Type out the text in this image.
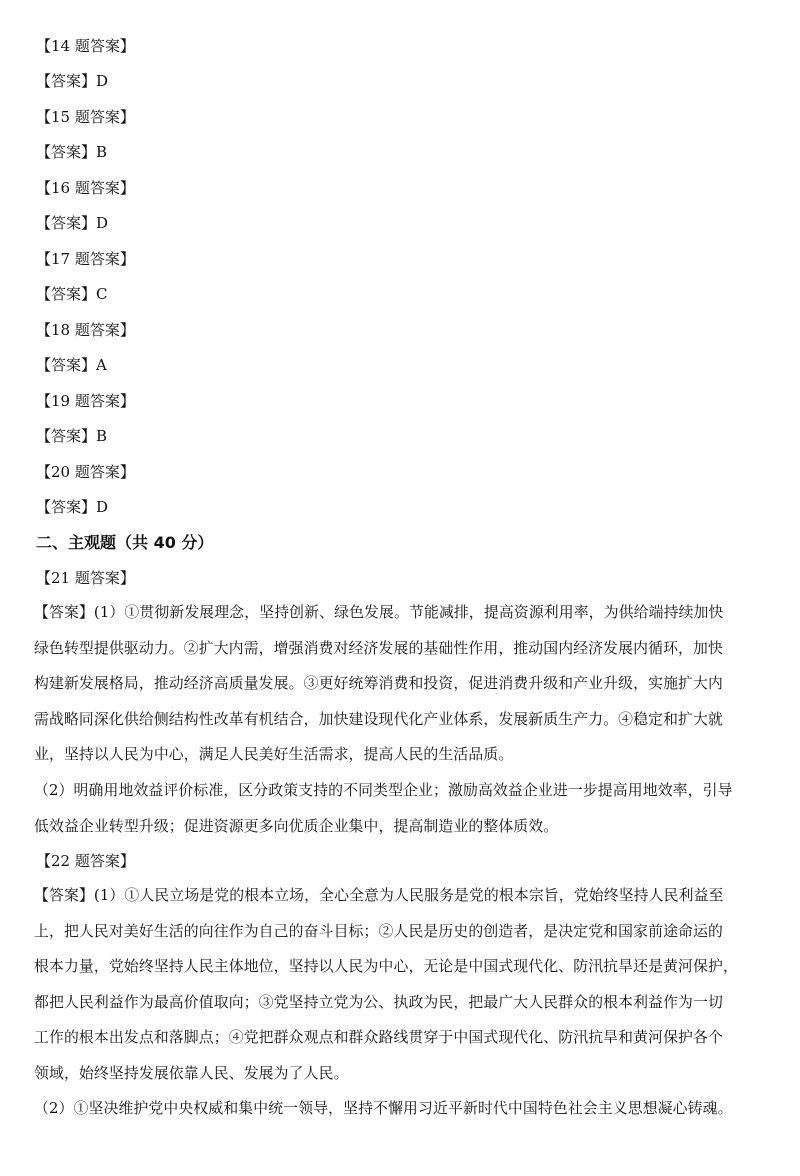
【14 题答案】
【答案】D
【15 题答案】
【答案】B
【16 题答案】
【答案】D
【17 题答案】
【答案】C
【18 题答案】
【答案】A
【19 题答案】
【答案】B
【20 题答案】
【答案】D
二、主观题（共 40 分）
【21 题答案】
【答案】(1）①贯彻新发展理念，坚持创新、绿色发展。节能减排，提高资源利用率，为供给端持续加快
绿色转型提供驱动力。②扩大内需，增强消费对经济发展的基础性作用，推动国内经济发展内循环，加快
构建新发展格局，推动经济高质量发展。③更好统筹消费和投资，促进消费升级和产业升级，实施扩大内
需战略同深化供给侧结构性改革有机结合，加快建设现代化产业体系，发展新质生产力。④稳定和扩大就
业，坚持以人民为中心，满足人民美好生活需求，提高人民的生活品质。
（2）明确用地效益评价标准，区分政策支持的不同类型企业；激励高效益企业进一步提高用地效率，引导
低效益企业转型升级；促进资源更多向优质企业集中，提高制造业的整体质效。
【22 题答案】
【答案】(1）①人民立场是党的根本立场，全心全意为人民服务是党的根本宗旨，党始终坚持人民利益至
上，把人民对美好生活的向往作为自己的奋斗目标；②人民是历史的创造者，是决定党和国家前途命运的
根本力量，党始终坚持人民主体地位，坚持以人民为中心，无论是中国式现代化、防汛抗旱还是黄河保护，
都把人民利益作为最高价值取向；③党坚持立党为公、执政为民，把最广大人民群众的根本利益作为一切
工作的根本出发点和落脚点；④党把群众观点和群众路线贯穿于中国式现代化、防汛抗旱和黄河保护各个
领域，始终坚持发展依靠人民、发展为了人民。
（2）①坚决维护党中央权威和集中统一领导，坚持不懈用习近平新时代中国特色社会主义思想凝心铸魂。
